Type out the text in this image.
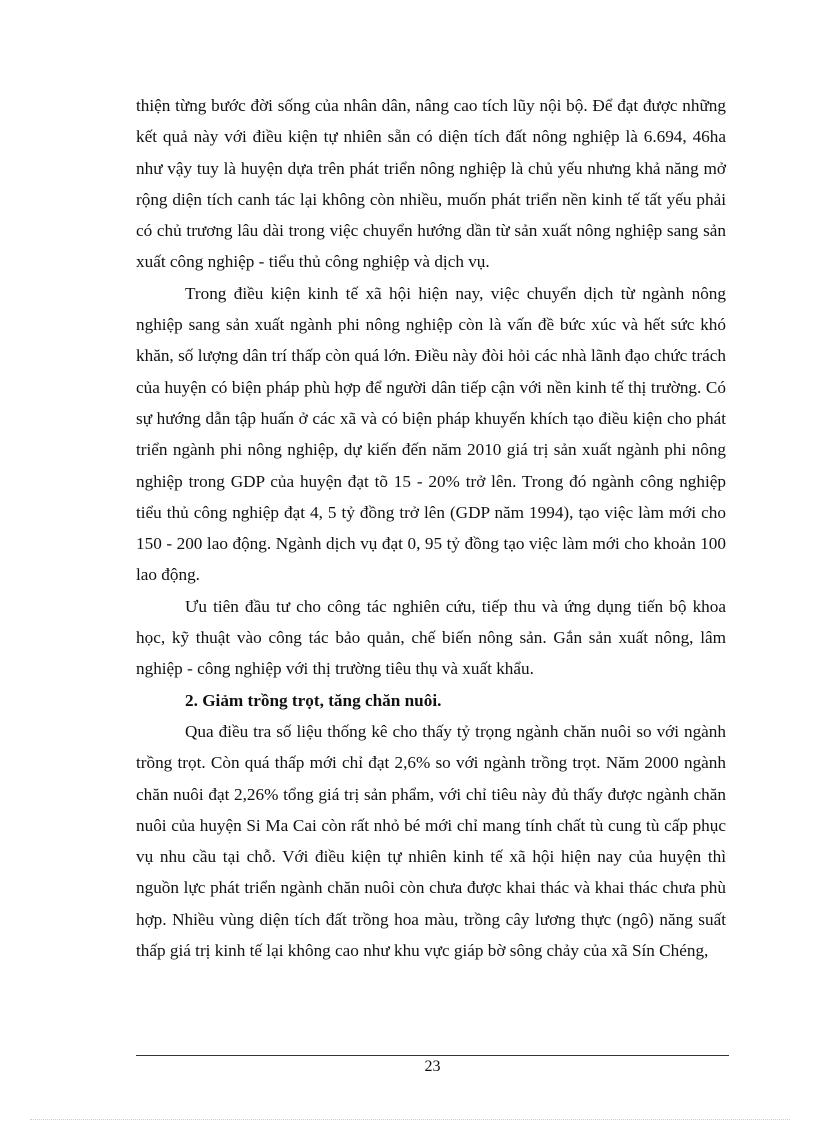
thiện từng bước đời sống của nhân dân, nâng cao tích lũy nội bộ. Để đạt được những kết quả này với điều kiện tự nhiên sẵn có diện tích đất nông nghiệp là 6.694, 46ha như vậy tuy là huyện dựa trên phát triển nông nghiệp là chủ yếu nhưng khả năng mở rộng diện tích canh tác lại không còn nhiều, muốn phát triển nền kinh tế tất yếu phải có chủ trương lâu dài trong việc chuyển hướng dần từ sản xuất nông nghiệp sang sản xuất công nghiệp - tiểu thủ công nghiệp và dịch vụ.

Trong điều kiện kinh tế xã hội hiện nay, việc chuyển dịch từ ngành nông nghiệp sang sản xuất ngành phi nông nghiệp còn là vấn đề bức xúc và hết sức khó khăn, số lượng dân trí thấp còn quá lớn. Điều này đòi hỏi các nhà lãnh đạo chức trách của huyện có biện pháp phù hợp để người dân tiếp cận với nền kinh tế thị trường. Có sự hướng dẫn tập huấn ở các xã và có biện pháp khuyến khích tạo điều kiện cho phát triển ngành phi nông nghiệp, dự kiến đến năm 2010 giá trị sản xuất ngành phi nông nghiệp trong GDP của huyện đạt tõ 15 - 20% trở lên. Trong đó ngành công nghiệp tiểu thủ công nghiệp đạt 4, 5 tỷ đồng trở lên (GDP năm 1994), tạo việc làm mới cho 150 - 200 lao động. Ngành dịch vụ đạt 0, 95 tỷ đồng tạo việc làm mới cho khoản 100 lao động.

Ưu tiên đầu tư cho công tác nghiên cứu, tiếp thu và ứng dụng tiến bộ khoa học, kỹ thuật vào công tác bảo quản, chế biến nông sản. Gắn sản xuất nông, lâm nghiệp - công nghiệp với thị trường tiêu thụ và xuất khẩu.

2. Giảm trồng trọt, tăng chăn nuôi.

Qua điều tra số liệu thống kê cho thấy tỷ trọng ngành chăn nuôi so với ngành trồng trọt. Còn quá thấp mới chỉ đạt 2,6% so với ngành trồng trọt. Năm 2000 ngành chăn nuôi đạt 2,26% tổng giá trị sản phẩm, với chỉ tiêu này đủ thấy được ngành chăn nuôi của huyện Si Ma Cai còn rất nhỏ bé mới chỉ mang tính chất tù cung tù cấp phục vụ nhu cầu tại chỗ. Với điều kiện tự nhiên kinh tế xã hội hiện nay của huyện thì nguồn lực phát triển ngành chăn nuôi còn chưa được khai thác và khai thác chưa phù hợp. Nhiều vùng diện tích đất trồng hoa màu, trồng cây lương thực (ngô) năng suất thấp giá trị kinh tế lại không cao như khu vực giáp bờ sông chảy của xã Sín Chéng,

23
